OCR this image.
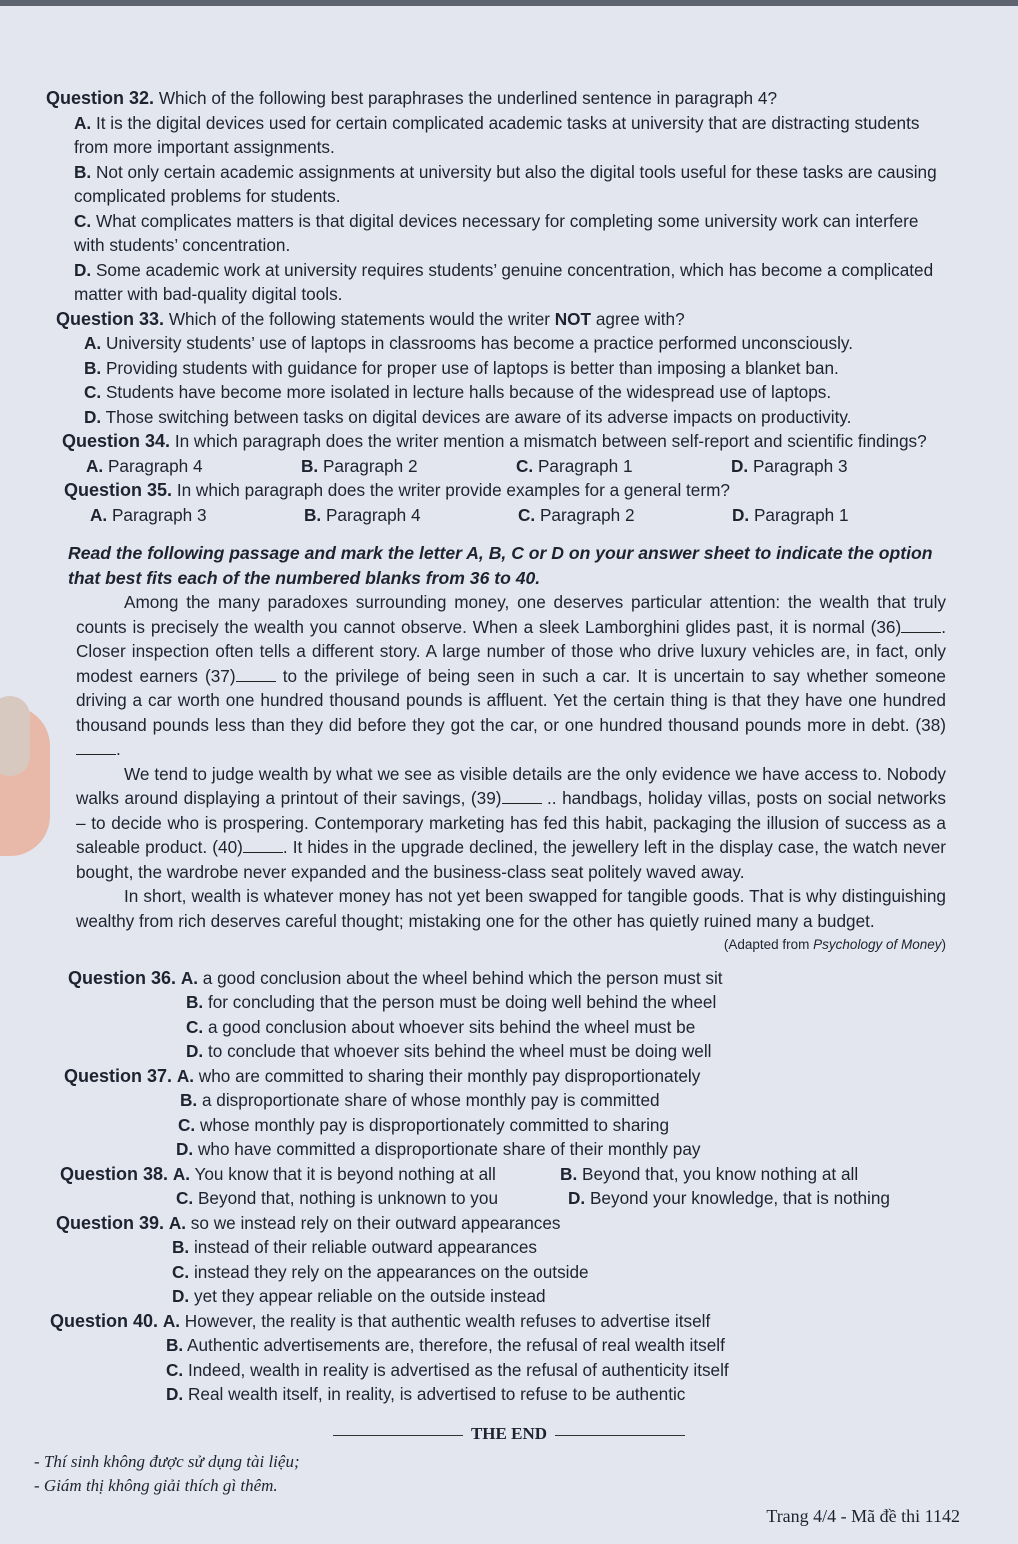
Question 32. Which of the following best paraphrases the underlined sentence in paragraph 4?
A. It is the digital devices used for certain complicated academic tasks at university that are distracting students from more important assignments.
B. Not only certain academic assignments at university but also the digital tools useful for these tasks are causing complicated problems for students.
C. What complicates matters is that digital devices necessary for completing some university work can interfere with students’ concentration.
D. Some academic work at university requires students’ genuine concentration, which has become a complicated matter with bad-quality digital tools.
Question 33. Which of the following statements would the writer NOT agree with?
A. University students’ use of laptops in classrooms has become a practice performed unconsciously.
B. Providing students with guidance for proper use of laptops is better than imposing a blanket ban.
C. Students have become more isolated in lecture halls because of the widespread use of laptops.
D. Those switching between tasks on digital devices are aware of its adverse impacts on productivity.
Question 34. In which paragraph does the writer mention a mismatch between self-report and scientific findings?
A. Paragraph 4	B. Paragraph 2	C. Paragraph 1	D. Paragraph 3
Question 35. In which paragraph does the writer provide examples for a general term?
A. Paragraph 3	B. Paragraph 4	C. Paragraph 2	D. Paragraph 1
Read the following passage and mark the letter A, B, C or D on your answer sheet to indicate the option that best fits each of the numbered blanks from 36 to 40.

Among the many paradoxes surrounding money, one deserves particular attention: the wealth that truly counts is precisely the wealth you cannot observe. When a sleek Lamborghini glides past, it is normal (36) . Closer inspection often tells a different story. A large number of those who drive luxury vehicles are, in fact, only modest earners (37) to the privilege of being seen in such a car. It is uncertain to say whether someone driving a car worth one hundred thousand pounds is affluent. Yet the certain thing is that they have one hundred thousand pounds less than they did before they got the car, or one hundred thousand pounds more in debt. (38).

We tend to judge wealth by what we see as visible details are the only evidence we have access to. Nobody walks around displaying a printout of their savings, (39) .. handbags, holiday villas, posts on social networks – to decide who is prospering. Contemporary marketing has fed this habit, packaging the illusion of success as a saleable product. (40) . It hides in the upgrade declined, the jewellery left in the display case, the watch never bought, the wardrobe never expanded and the business-class seat politely waved away.

In short, wealth is whatever money has not yet been swapped for tangible goods. That is why distinguishing wealthy from rich deserves careful thought; mistaking one for the other has quietly ruined many a budget.

(Adapted from Psychology of Money)
Question 36. A. a good conclusion about the wheel behind which the person must sit
B. for concluding that the person must be doing well behind the wheel
C. a good conclusion about whoever sits behind the wheel must be
D. to conclude that whoever sits behind the wheel must be doing well
Question 37. A. who are committed to sharing their monthly pay disproportionately
B. a disproportionate share of whose monthly pay is committed
C. whose monthly pay is disproportionately committed to sharing
D. who have committed a disproportionate share of their monthly pay
Question 38. A. You know that it is beyond nothing at all	B. Beyond that, you know nothing at all
C. Beyond that, nothing is unknown to you	D. Beyond your knowledge, that is nothing
Question 39. A. so we instead rely on their outward appearances
B. instead of their reliable outward appearances
C. instead they rely on the appearances on the outside
D. yet they appear reliable on the outside instead
Question 40. A. However, the reality is that authentic wealth refuses to advertise itself
B. Authentic advertisements are, therefore, the refusal of real wealth itself
C. Indeed, wealth in reality is advertised as the refusal of authenticity itself
D. Real wealth itself, in reality, is advertised to refuse to be authentic
THE END
- Thí sinh không được sử dụng tài liệu;
- Giám thị không giải thích gì thêm.
Trang 4/4 - Mã đề thi 1142
